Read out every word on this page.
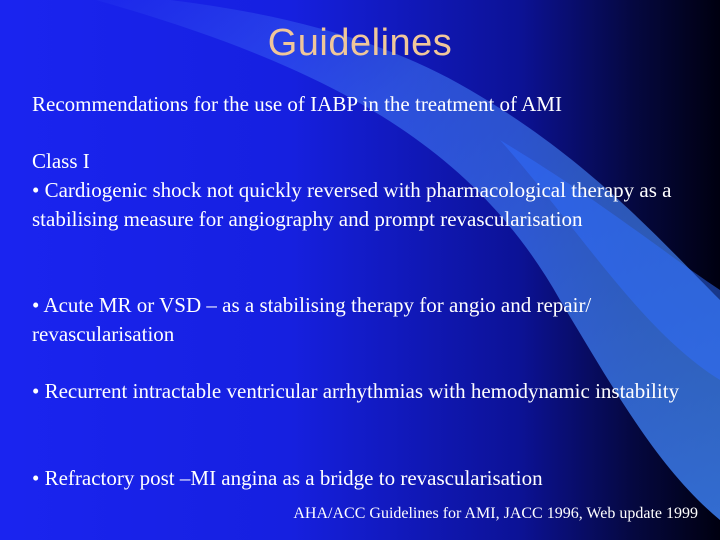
Guidelines
Recommendations for the use of IABP in the treatment of AMI
Class I
• Cardiogenic shock not quickly reversed with pharmacological therapy as a stabilising measure for angiography and prompt revascularisation
• Acute MR or VSD – as a stabilising therapy for angio and repair/ revascularisation
• Recurrent intractable ventricular arrhythmias with hemodynamic instability
• Refractory post –MI angina as a bridge to revascularisation
AHA/ACC Guidelines for AMI, JACC 1996, Web update 1999
